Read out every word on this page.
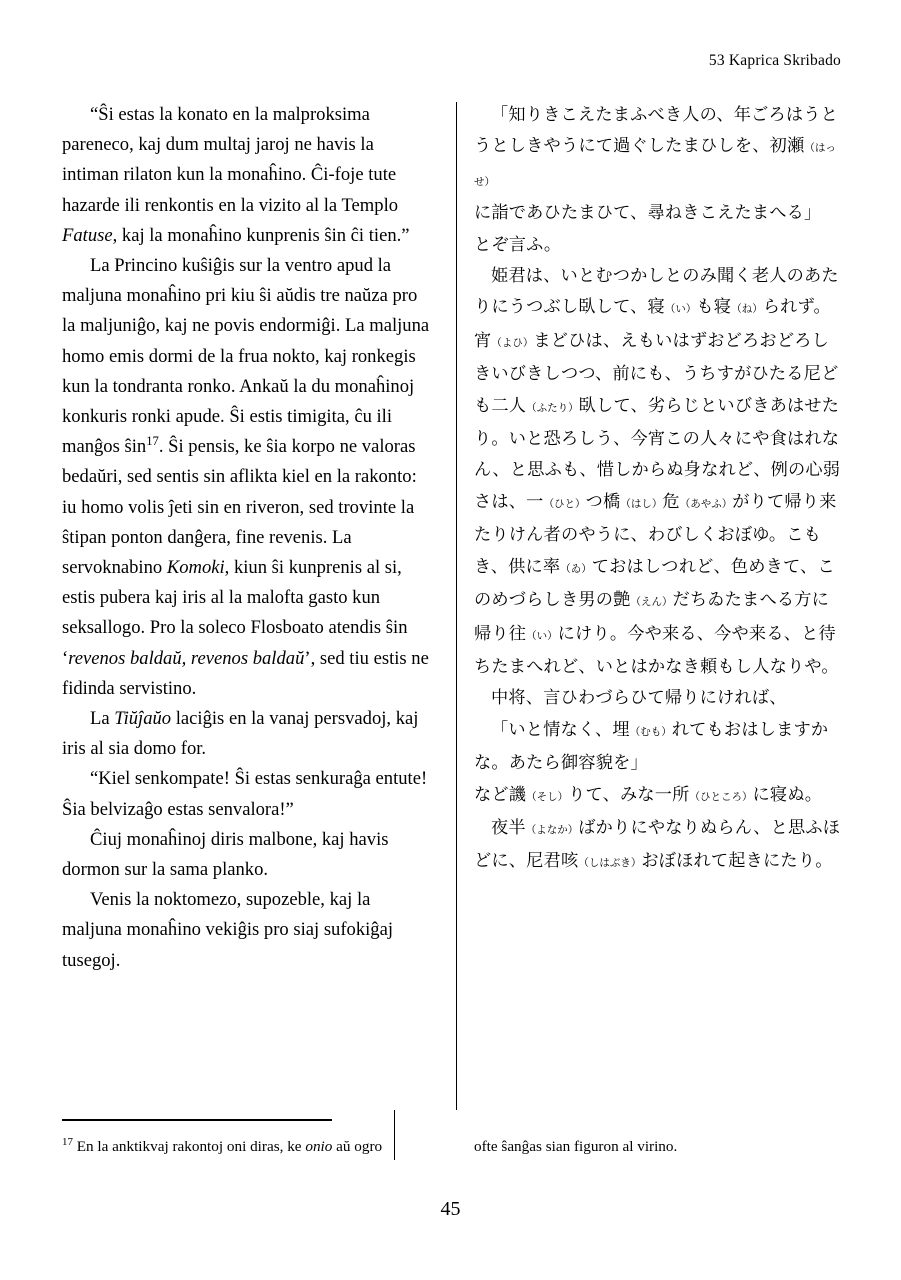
53 Kaprica Skribado

“Ŝi estas la konato en la malproksima pareneco, kaj dum multaj jaroj ne havis la intiman rilaton kun la monaĥino. Ĉi-foje tute hazarde ili renkontis en la vizito al la Templo Fatuse, kaj la monaĥino kunprenis ŝin ĉi tien.”

La Princino kuŝiĝis sur la ventro apud la maljuna monaĥino pri kiu ŝi aŭdis tre naŭza pro la maljuniĝo, kaj ne povis endormiĝi. La maljuna homo emis dormi de la frua nokto, kaj ronkegis kun la tondranta ronko. Ankaŭ la du monaĥinoj konkuris ronki apude. Ŝi estis timigita, ĉu ili manĝos ŝin$^{17}$. Ŝi pensis, ke ŝia korpo ne valoras bedaŭri, sed sentis sin aflikta kiel en la rakonto: iu homo volis ĵeti sin en riveron, sed trovinte la ŝtipan ponton danĝera, fine revenis. La servoknabino Komoki, kiun ŝi kunprenis al si, estis pubera kaj iris al la malofta gasto kun seksallogo. Pro la soleco Flosboato atendis ŝin ‘revenos baldaŭ, revenos baldaŭ’, sed tiu estis ne fidinda servistino.

La Tiŭĵaŭo laciĝis en la vanaj persvadoj, kaj iris al sia domo for.

“Kiel senkompate! Ŝi estas senkuraĝa entute! Ŝia belvizaĝo estas senvalora!”

Ĉiuj monaĥinoj diris malbone, kaj havis dormon sur la sama planko.

Venis la noktomezo, supozeble, kaj la maljuna monaĥino vekiĝis pro siaj sufokiĝaj tusegoj.

「知りきこえたまふべき人の、年ごろはうとうとしきやうにて過ぐしたまひしを、初瀬（はっせ）に詣であひたまひて、尋ねきこえたまへる」

とぞ言ふ。

姫君は、いとむつかしとのみ聞く老人のあたりにうつぶし臥して、寝（い）も寝（ね）られず。宵（よひ）まどひは、えもいはずおどろおどろしきいびきしつつ、前にも、うちすがひたる尼ども二人（ふたり）臥して、劣らじといびきあはせたり。いと恐ろしう、今宵この人々にや食はれなん、と思ふも、惜しからぬ身なれど、例の心弱さは、一（ひと）つ橋（はし）危（あやふ）がりて帰り来たりけん者のやうに、わびしくおぼゆ。こもき、供に率（ゐ）ておはしつれど、色めきて、このめづらしき男の艶（えん）だちゐたまへる方に帰り往（い）にけり。今や来る、今や来る、と待ちたまへれど、いとはかなき頼もし人なりや。

中将、言ひわづらひて帰りにければ、

「いと情なく、埋（むも）れてもおはしますかな。あたら御容貌を」

など譏（そし）りて、みな一所（ひところ）に寝ぬ。

夜半（よなか）ばかりにやなりぬらん、と思ふほどに、尼君咳（しはぶき）おぼほれて起きにたり。

$^{17}$ En la anktikvaj rakontoj oni diras, ke onio aŭ ogro	ofte ŝanĝas sian figuron al virino.
45
